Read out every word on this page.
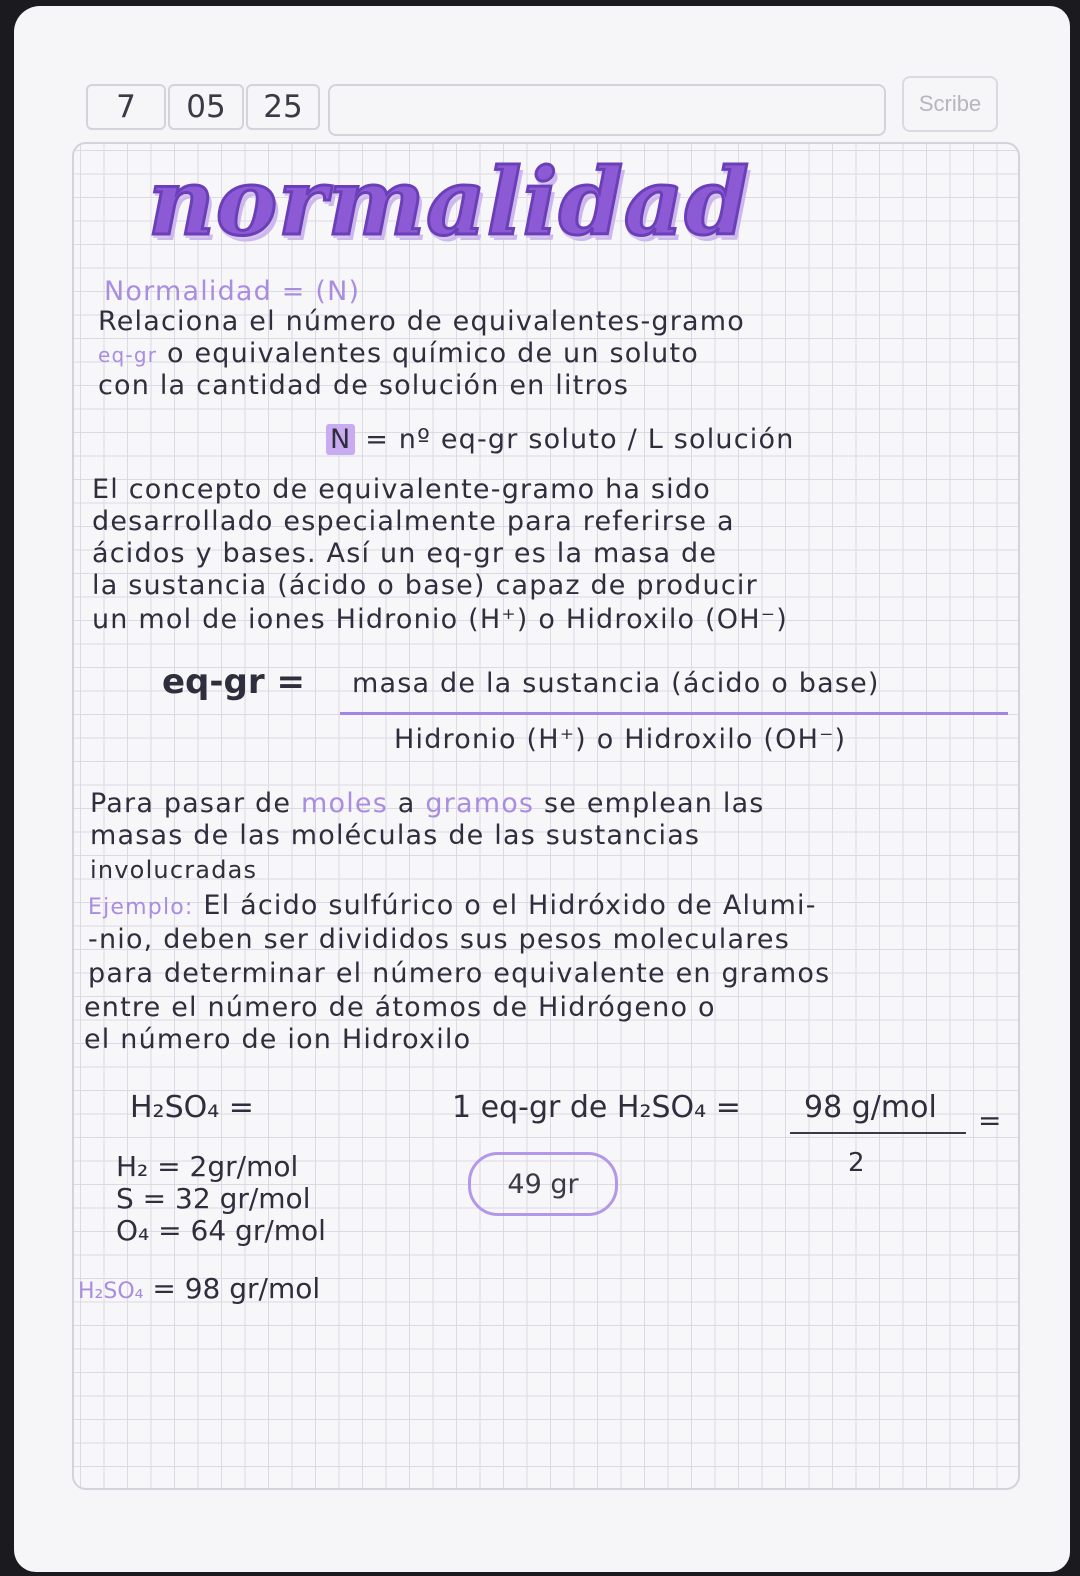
7	05	25	Scribe
normalidad
Normalidad = (N)
Relaciona el número de equivalentes-gramo
eq-gr o equivalentes químico de un soluto
con la cantidad de solución en litros
N = nº eq-gr soluto / L solución
El concepto de equivalente-gramo ha sido
desarrollado especialmente para referirse a
ácidos y bases. Así un eq-gr es la masa de
la sustancia (ácido o base) capaz de producir
un mol de iones Hidronio (H⁺) o Hidroxilo (OH⁻)
eq-gr = masa de la sustancia (ácido o base)
Hidronio (H⁺) o Hidroxilo (OH⁻)
Para pasar de moles a gramos se emplean las
masas de las moléculas de las sustancias
involucradas
Ejemplo: El ácido sulfúrico o el Hidróxido de Alumi-
-nio, deben ser divididos sus pesos moleculares
para determinar el número equivalente en gramos
entre el número de átomos de Hidrógeno o
el número de ion Hidroxilo
H₂SO₄ =
H₂ = 2gr/mol
S = 32 gr/mol
O₄ = 64 gr/mol
H₂SO₄ = 98 gr/mol
1 eq-gr de H₂SO₄ = 98 g/mol
2
=
49 gr
